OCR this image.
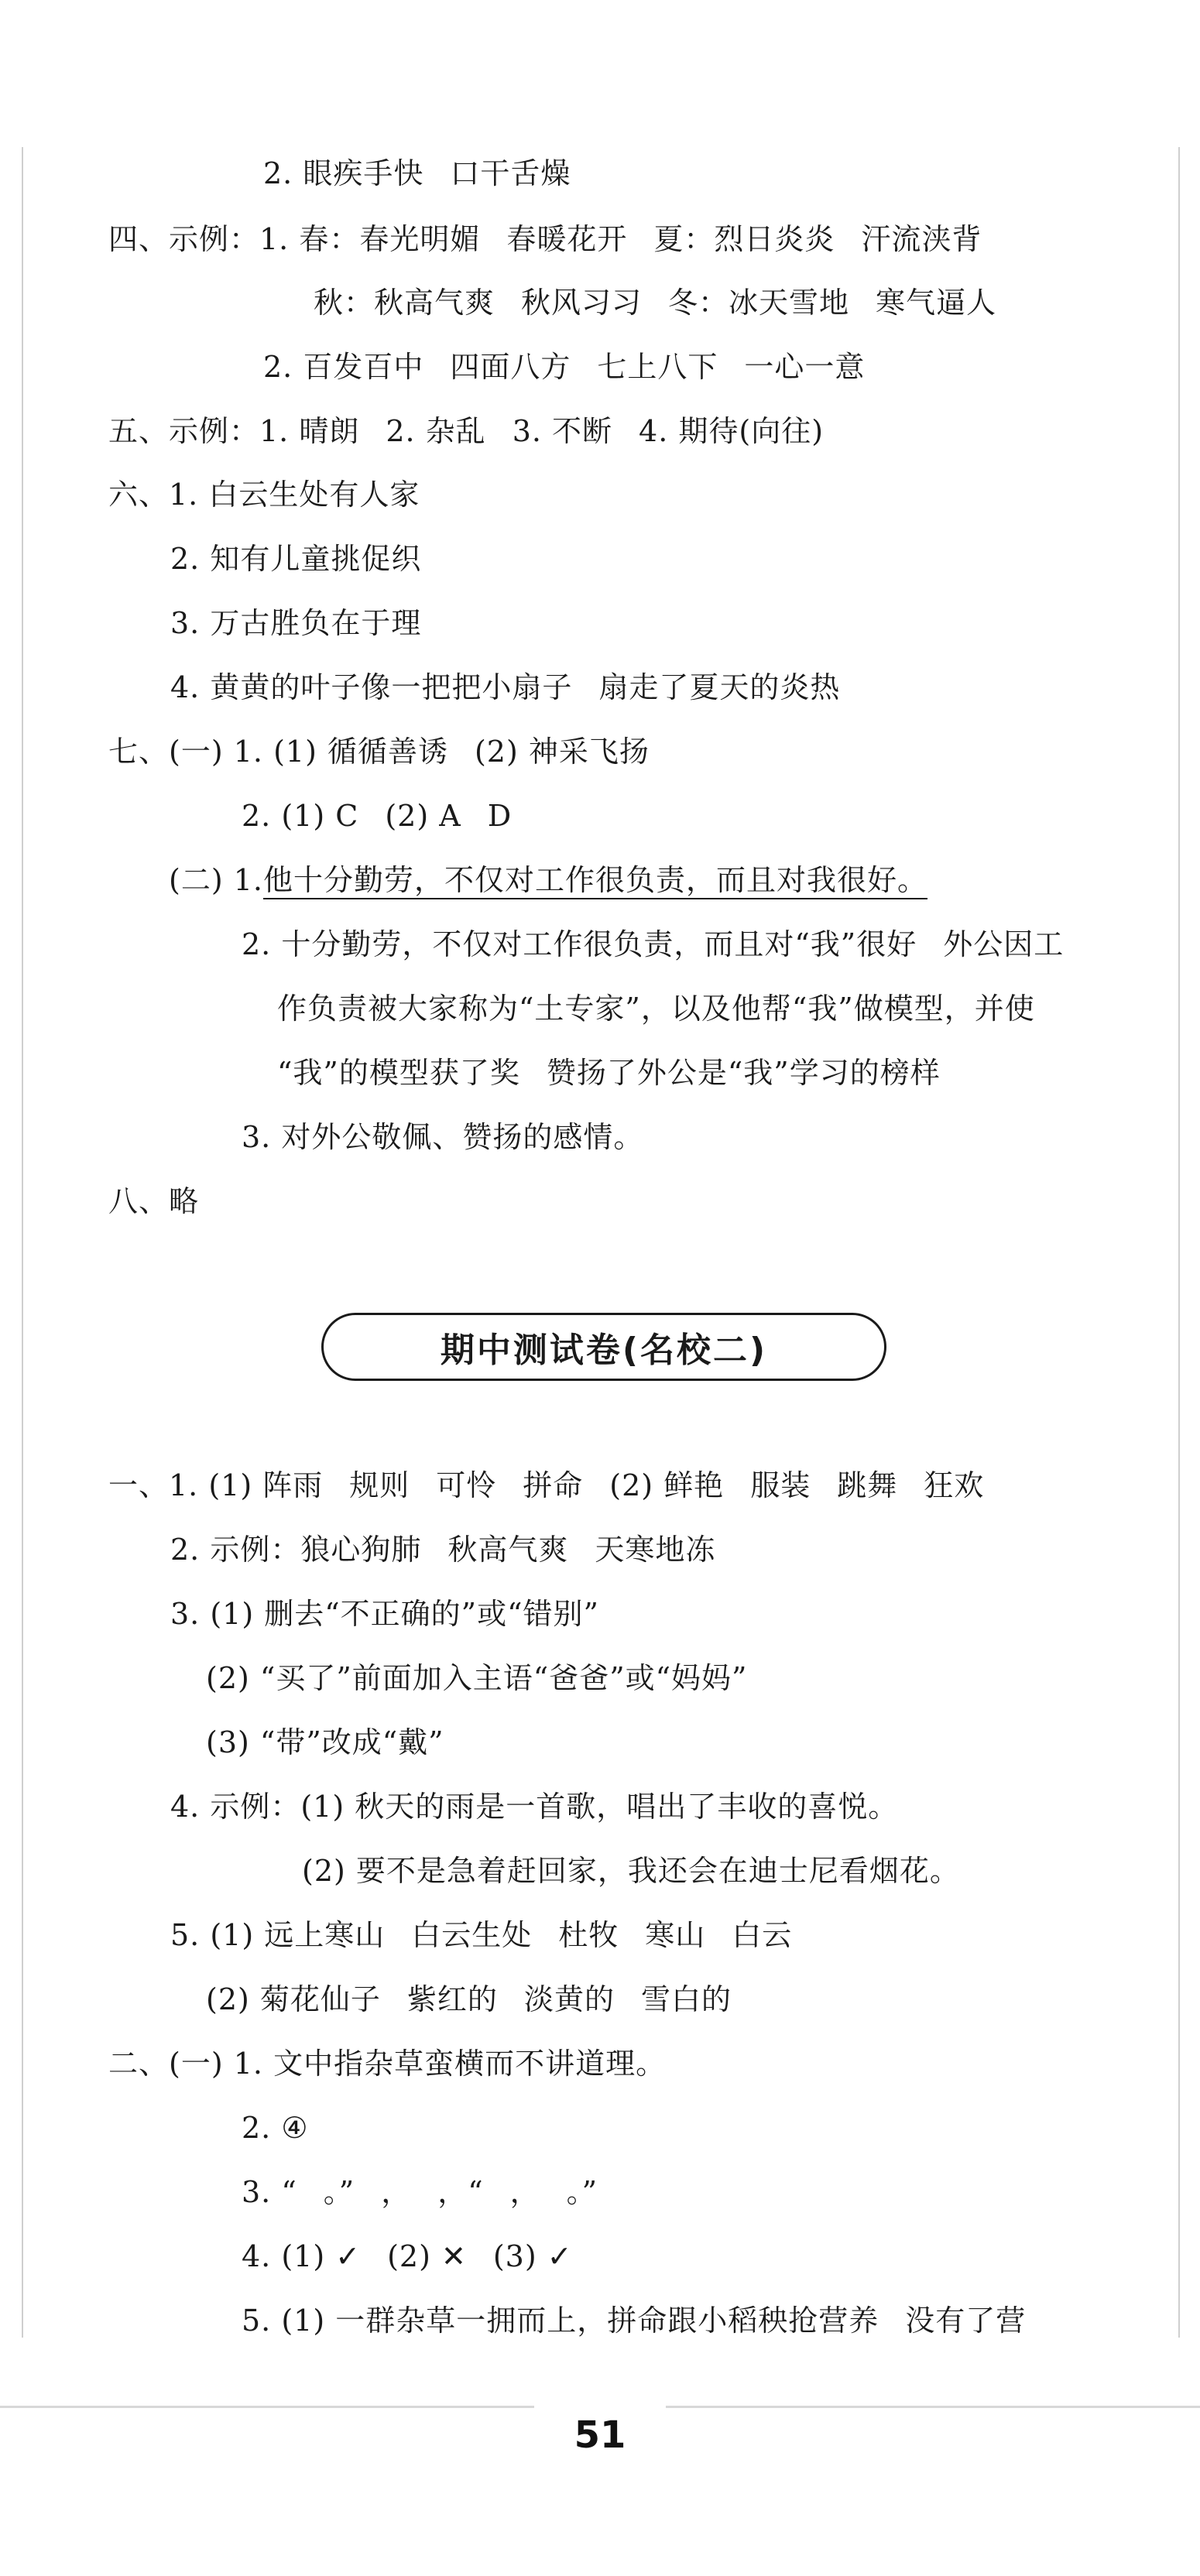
2. 眼疾手快 口干舌燥
四、示例：1. 春：春光明媚 春暖花开 夏：烈日炎炎 汗流浃背
秋：秋高气爽 秋风习习 冬：冰天雪地 寒气逼人
2. 百发百中 四面八方 七上八下 一心一意
五、示例：1. 晴朗 2. 杂乱 3. 不断 4. 期待(向往)
六、1. 白云生处有人家
2. 知有儿童挑促织
3. 万古胜负在于理
4. 黄黄的叶子像一把把小扇子 扇走了夏天的炎热
七、(一) 1. (1) 循循善诱 (2) 神采飞扬
2. (1) C (2) A D
(二) 1.他十分勤劳，不仅对工作很负责，而且对我很好。
2. 十分勤劳，不仅对工作很负责，而且对“我”很好 外公因工
作负责被大家称为“土专家”，以及他帮“我”做模型，并使
“我”的模型获了奖 赞扬了外公是“我”学习的榜样
3. 对外公敬佩、赞扬的感情。
八、略
期中测试卷(名校二)
一、1. (1) 阵雨 规则 可怜 拼命 (2) 鲜艳 服装 跳舞 狂欢
2. 示例：狼心狗肺 秋高气爽 天寒地冻
3. (1) 删去“不正确的”或“错别”
(2) “买了”前面加入主语“爸爸”或“妈妈”
(3) “带”改成“戴”
4. 示例：(1) 秋天的雨是一首歌，唱出了丰收的喜悦。
(2) 要不是急着赶回家，我还会在迪士尼看烟花。
5. (1) 远上寒山 白云生处 杜牧 寒山 白云
(2) 菊花仙子 紫红的 淡黄的 雪白的
二、(一) 1. 文中指杂草蛮横而不讲道理。
2. ④
3. “ 。” ， ，“ ， 。”
4. (1) ✓ (2) ✕ (3) ✓
5. (1) 一群杂草一拥而上，拼命跟小稻秧抢营养 没有了营
51
